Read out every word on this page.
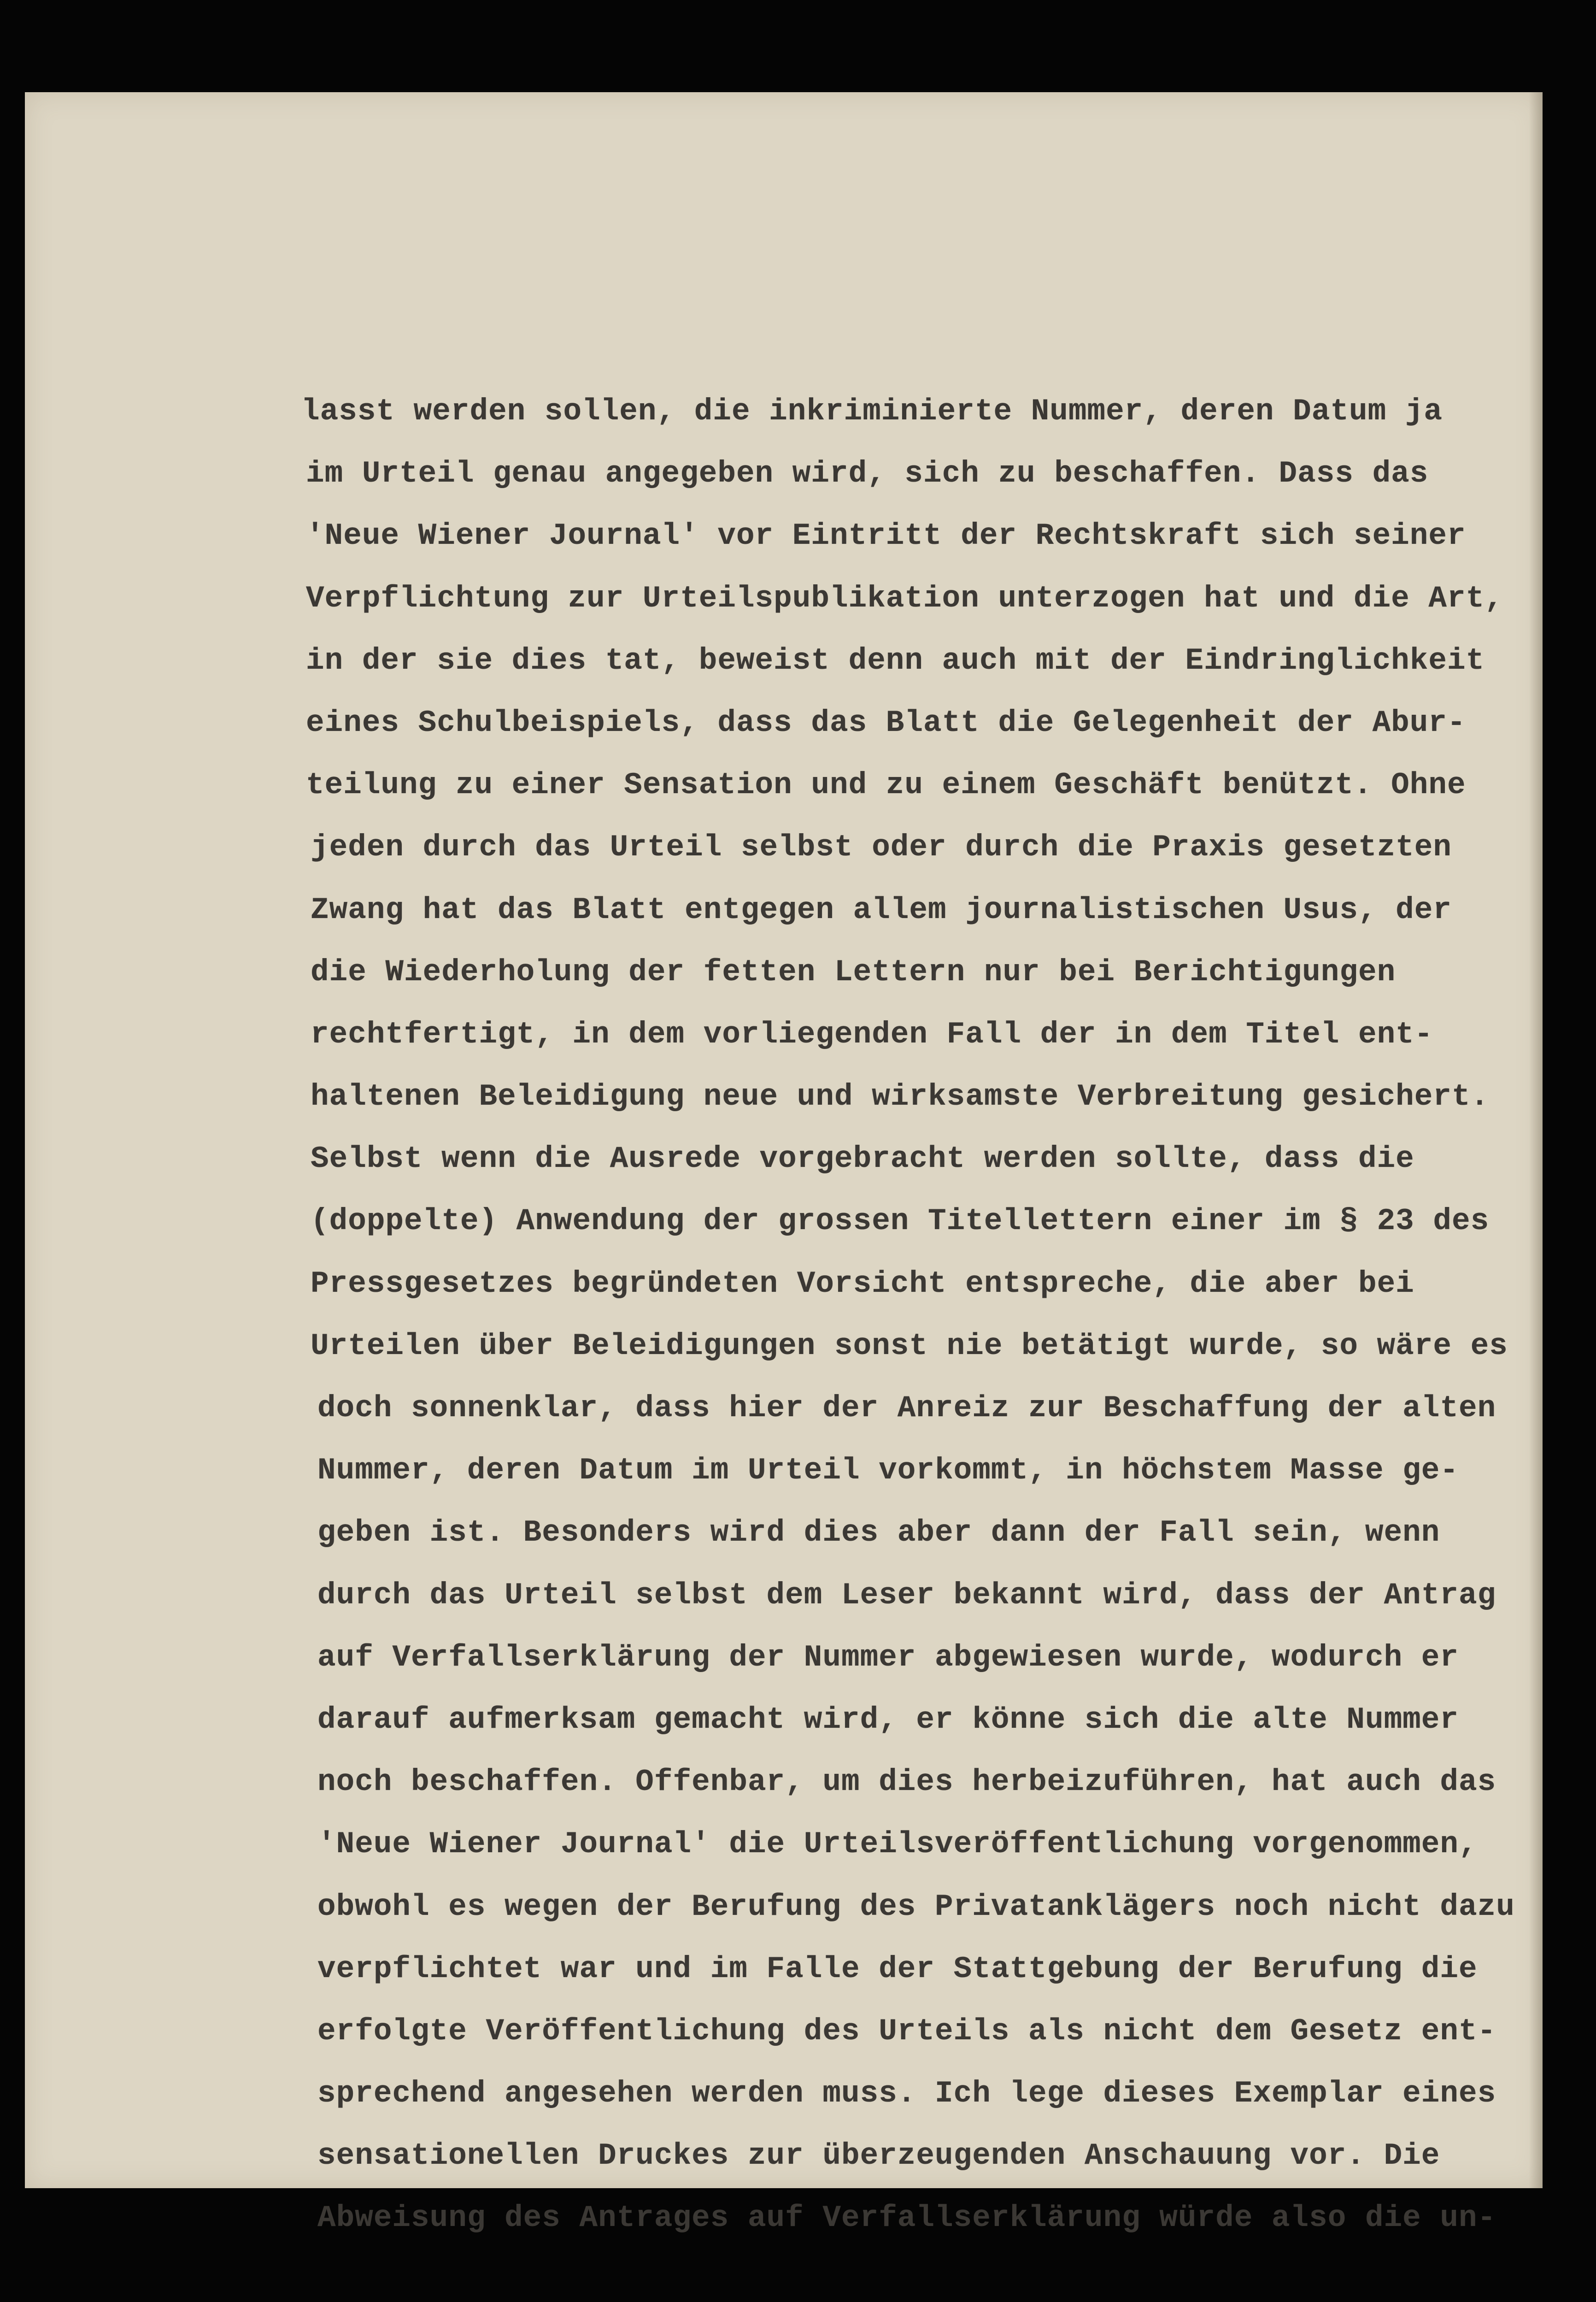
lasst werden sollen, die inkriminierte Nummer, deren Datum ja
im Urteil genau angegeben wird, sich zu beschaffen. Dass das
'Neue Wiener Journal' vor Eintritt der Rechtskraft sich seiner
Verpflichtung zur Urteilspublikation unterzogen hat und die Art,
in der sie dies tat, beweist denn auch mit der Eindringlichkeit
eines Schulbeispiels, dass das Blatt die Gelegenheit der Abur-
teilung zu einer Sensation und zu einem Geschäft benützt. Ohne
jeden durch das Urteil selbst oder durch die Praxis gesetzten
Zwang hat das Blatt entgegen allem journalistischen Usus, der
die Wiederholung der fetten Lettern nur bei Berichtigungen
rechtfertigt, in dem vorliegenden Fall der in dem Titel ent-
haltenen Beleidigung neue und wirksamste Verbreitung gesichert.
Selbst wenn die Ausrede vorgebracht werden sollte, dass die
(doppelte) Anwendung der grossen Titellettern einer im § 23 des
Pressgesetzes begründeten Vorsicht entspreche, die aber bei
Urteilen über Beleidigungen sonst nie betätigt wurde, so wäre es
doch sonnenklar, dass hier der Anreiz zur Beschaffung der alten
Nummer, deren Datum im Urteil vorkommt, in höchstem Masse ge-
geben ist. Besonders wird dies aber dann der Fall sein, wenn
durch das Urteil selbst dem Leser bekannt wird, dass der Antrag
auf Verfallserklärung der Nummer abgewiesen wurde, wodurch er
darauf aufmerksam gemacht wird, er könne sich die alte Nummer
noch beschaffen. Offenbar, um dies herbeizuführen, hat auch das
'Neue Wiener Journal' die Urteilsveröffentlichung vorgenommen,
obwohl es wegen der Berufung des Privatanklägers noch nicht dazu
verpflichtet war und im Falle der Stattgebung der Berufung die
erfolgte Veröffentlichung des Urteils als nicht dem Gesetz ent-
sprechend angesehen werden muss. Ich lege dieses Exemplar eines
sensationellen Druckes zur überzeugenden Anschauung vor. Die
Abweisung des Antrages auf Verfallserklärung würde also die un-
